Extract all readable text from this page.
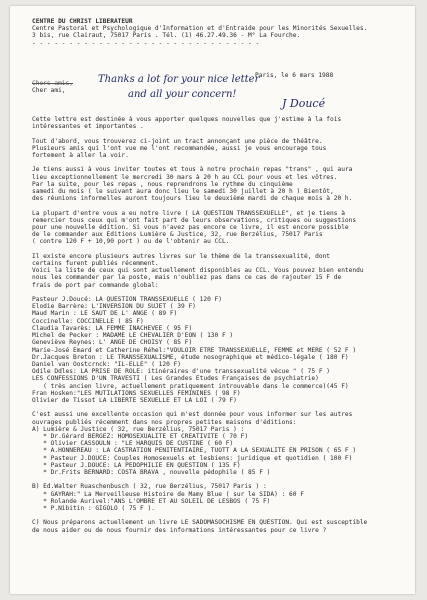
CENTRE DU CHRIST LIBERATEUR
Centre Pastoral et Psychologique d'Information et d'Entraide pour les Minorités Sexuelles.
3 bis, rue Clairaut, 75017 Paris . Tél. (1) 46.27.49.36 - M° La Fourche.
- - - - - - - - - - - - - - - - - - - - - - - - - - - - - - -
Paris, le 6 mars 1988
Chers amis,
Cher ami,
Thanks a lot for your nice letter
and all your concern!
J Doucé
Cette lettre est destinée à vous apporter quelques nouvelles que j'estime à la fois
intéressantes et importantes .

Tout d'abord, vous trouverez ci-joint un tract annonçant une pièce de théâtre.
Plusieurs amis qui l'ont vue me l'ont recommandée, aussi je vous encourage tous
fortement à aller la voir.

Je tiens aussi à vous inviter toutes et tous à notre prochain repas "trans" , qui aura
lieu exceptionnellement le mercredi 30 mars à 20 h au CCL pour vous et les vôtres.
Par la suite, pour les repas , nous reprendrons le rythme du cinquième
samedi du mois ( le suivant aura donc lieu le samedi 30 juillet à 20 h ) Bientôt,
des réunions informelles auront toujours lieu le deuxième mardi de chaque mois à 20 h.

La plupart d'entre vous a eu notre livre ( LA QUESTION TRANSSEXUELLE", et je tiens à
remercier tous ceux qui m'ont fait part de leurs observations, critiques ou suggestions
pour une nouvelle édition. Si vous n'avez pas encore ce livre, il est encore possible
de le commander aux Editions Lumière & Justice, 32, rue Berzélius, 75017 Paris
( contre 120 F + 10,90 port ) ou de l'obtenir au CCL.

Il existe encore plusieurs autres livres sur le thème de la transsexualité, dont
certains furent publiés récemment.
Voici la liste de ceux qui sont actuellement disponibles au CCL. Vous pouvez bien entendu
nous les commander par la poste, mais n'oubliez pas dans ce cas de rajouter 15 F de
frais de port par commande global:

Pasteur J.Doucé: LA QUESTION TRANSSEXUELLE ( 120 F)
Elodie Barrère: L'INVERSION DU SUJET ( 39 F)
Maud Marin : LE SAUT DE L' ANGE ( 89 F)
Coccinelle: COCCINELLE ( 85 F)
Claudia Tavarès: LA FEMME INACHEVEE ( 95 F)
Michel de Pecker : MADAME LE CHEVALIER D'EON ( 130 F )
Geneviève Reynes: L' ANGE DE CHOISY ( 85 F)
Marie-José Emard et Catherine Réhel:"VOULOIR ETRE TRANSSEXUELLE, FEMME et MERE ( 52 F )
Dr.Jacques Breton : LE TRANSSEXUALISME, étude nosographique et médico-légale ( 180 F)
Daniel van Oostcrnck: "IL-ELLE" ( 120 F)
Odile Ddles: LA PRISE DE ROLE: itinéraires d'une transsexualité vécue " ( 75 F )
LES CONFESSIONS D'UN TRAVESTI ( Les Grandes Etudes Françaises de psychiatrie)
( très ancien livre, actuellement pratiquement introuvable dans le commerce)(45 F)
Fran Hosken:"LES MUTILATIONS SEXUELLES FEMININES ( 98 F)
Olivier de Tissot LA LIBERTE SEXUELLE ET LA LOI ( 79 F)

C'est aussi une excellente occasion qui m'est donnée pour vous informer sur les autres
ouvrages publiés récemment dans nos propres petites maisons d'éditions:
A) Lumière & Justice ( 32, rue Berzélius, 75017 Paris ) :
* Dr.Gérard BERGEZ: HOMOSEXUALITE ET CREATIVITE ( 70 F)
* Olivier CASSOULN : "LE HARQUIS DE CUSTINE ( 60 F)
* A.HONNEREAU : LA CASTRATION PENITENTIAIRE, TUOTT A LA SEXUALITE EN PRISON ( 65 F )
* Pasteur J.DOUCE: Couples Homosexuels et lesbiens: juridique et quotidien ( 100 F)
* Pasteur J.DOUCE: LA PEDOPHILIE EN QUESTION ( 135 F)
* Dr.Frits BERNARD: COSTA BRAVA , nouvelle pédophile ( 85 F )

B) Ed.Walter Ruaschenbusch ( 32, rue Berzélius, 75017 Paris ) :
* GAYRAH:" La Merveilleuse Histoire de Mamy Blue ( sur le SIDA) : 60 F
* Rolande Aurivel:"ANS L'OMBRE ET AU SOLEIL DE LESBOS ( 75 F)
* P.Nibitin : GIGOLO ( 75 F ).

C) Nous préparons actuellement un livre LE SADOMASOCHISME EN QUESTION. Qui est susceptible
de nous aider ou de nous fournir des informations intéressantes pour ce livre ?
